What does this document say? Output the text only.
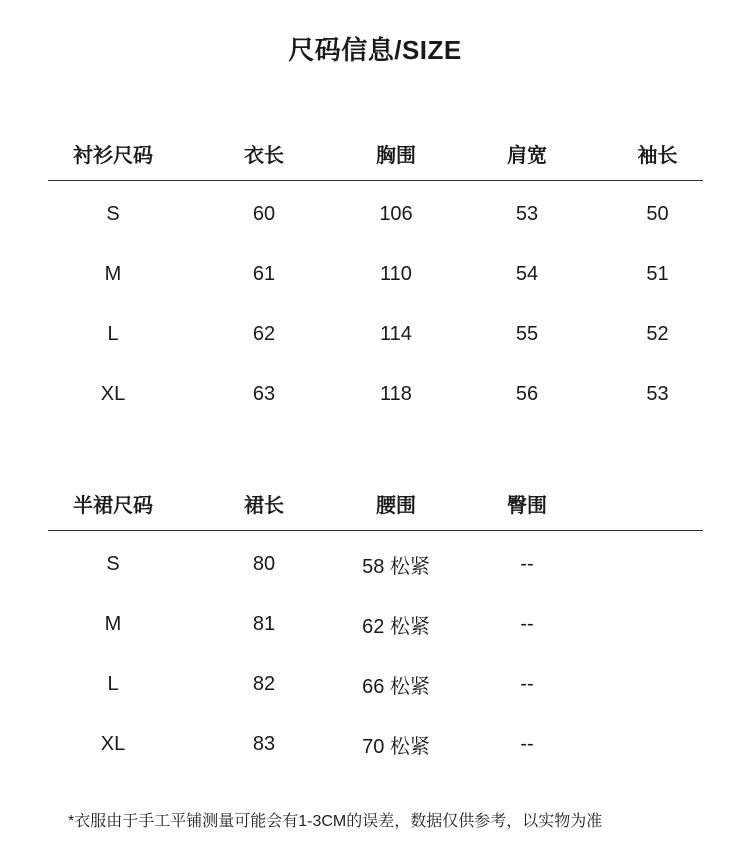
尺码信息/SIZE
衬衫尺码	衣长	胸围	肩宽	袖长
S	60	106	53	50
M	61	110	54	51
L	62	114	55	52
XL	63	118	56	53
半裙尺码	裙长	腰围	臀围
S	80	58 松紧	--
M	81	62 松紧	--
L	82	66 松紧	--
XL	83	70 松紧	--
*衣服由于手工平铺测量可能会有1-3CM的误差，数据仅供参考，以实物为准
